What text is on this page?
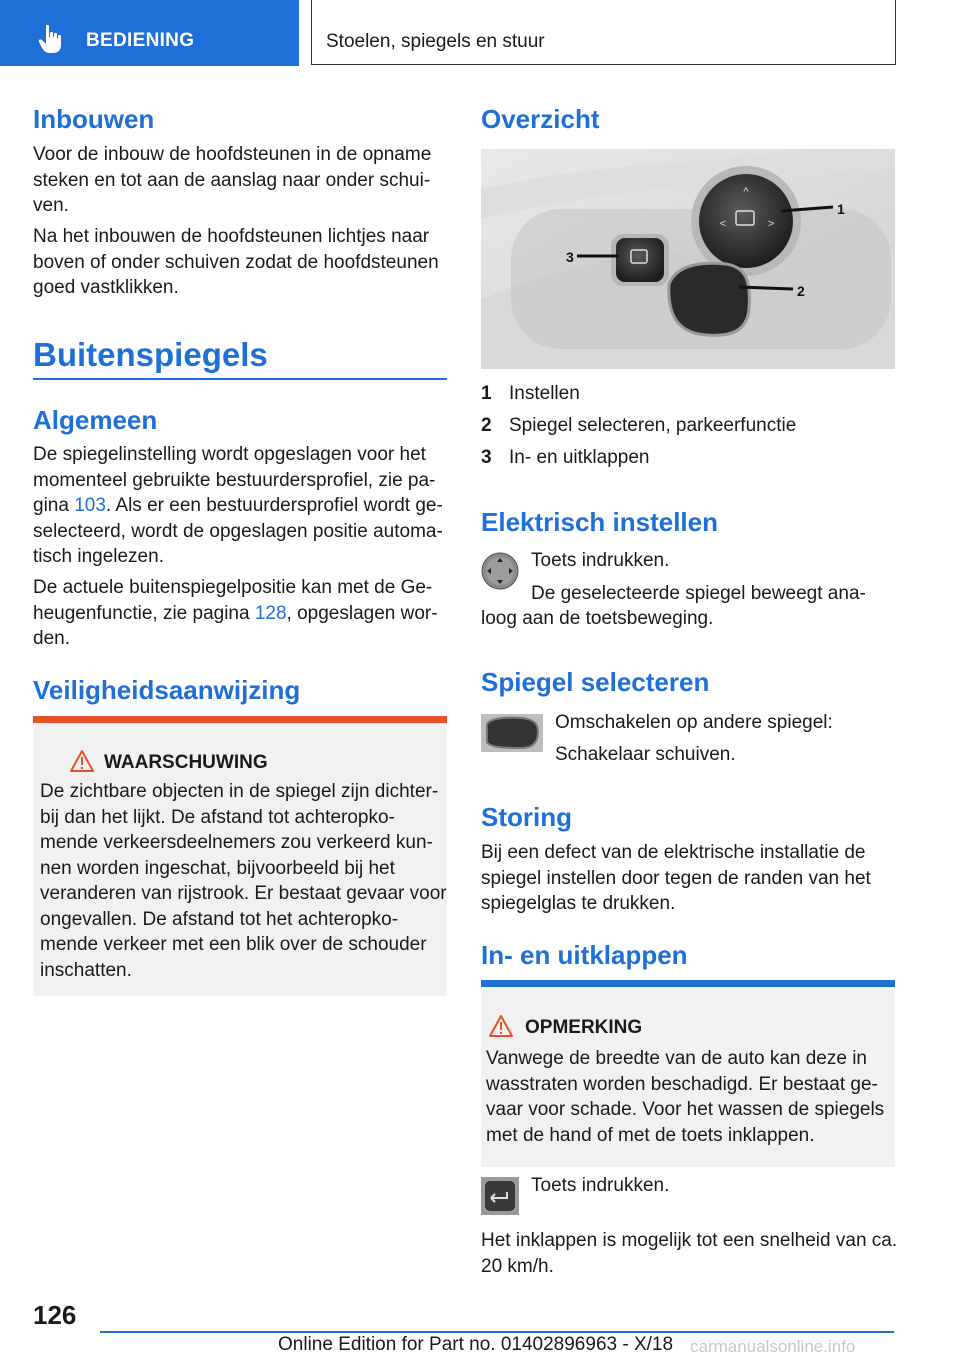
BEDIENING	Stoelen, spiegels en stuur
Inbouwen
Voor de inbouw de hoofdsteunen in de opname
steken en tot aan de aanslag naar onder schui-
ven.
Na het inbouwen de hoofdsteunen lichtjes naar
boven of onder schuiven zodat de hoofdsteunen
goed vastklikken.
Buitenspiegels
Algemeen
De spiegelinstelling wordt opgeslagen voor het
momenteel gebruikte bestuurdersprofiel, zie pa-
gina 103. Als er een bestuurdersprofiel wordt ge-
selecteerd, wordt de opgeslagen positie automa-
tisch ingelezen.
De actuele buitenspiegelpositie kan met de Ge-
heugenfunctie, zie pagina 128, opgeslagen wor-
den.
Veiligheidsaanwijzing
WAARSCHUWING
De zichtbare objecten in de spiegel zijn dichter-
bij dan het lijkt. De afstand tot achteropko-
mende verkeersdeelnemers zou verkeerd kun-
nen worden ingeschat, bijvoorbeeld bij het
veranderen van rijstrook. Er bestaat gevaar voor
ongevallen. De afstand tot het achteropko-
mende verkeer met een blik over de schouder
inschatten.
Overzicht
^
<	>
1
2
3
1 Instellen
2 Spiegel selecteren, parkeerfunctie
3 In- en uitklappen
Elektrisch instellen
Toets indrukken.
De geselecteerde spiegel beweegt ana-
loog aan de toetsbeweging.
Spiegel selecteren
Omschakelen op andere spiegel:
Schakelaar schuiven.
Storing
Bij een defect van de elektrische installatie de
spiegel instellen door tegen de randen van het
spiegelglas te drukken.
In- en uitklappen
OPMERKING
Vanwege de breedte van de auto kan deze in
wasstraten worden beschadigd. Er bestaat ge-
vaar voor schade. Voor het wassen de spiegels
met de hand of met de toets inklappen.
Toets indrukken.
Het inklappen is mogelijk tot een snelheid van ca.
20 km/h.
126
Online Edition for Part no. 01402896963 - X/18 carmanualsonline.info
